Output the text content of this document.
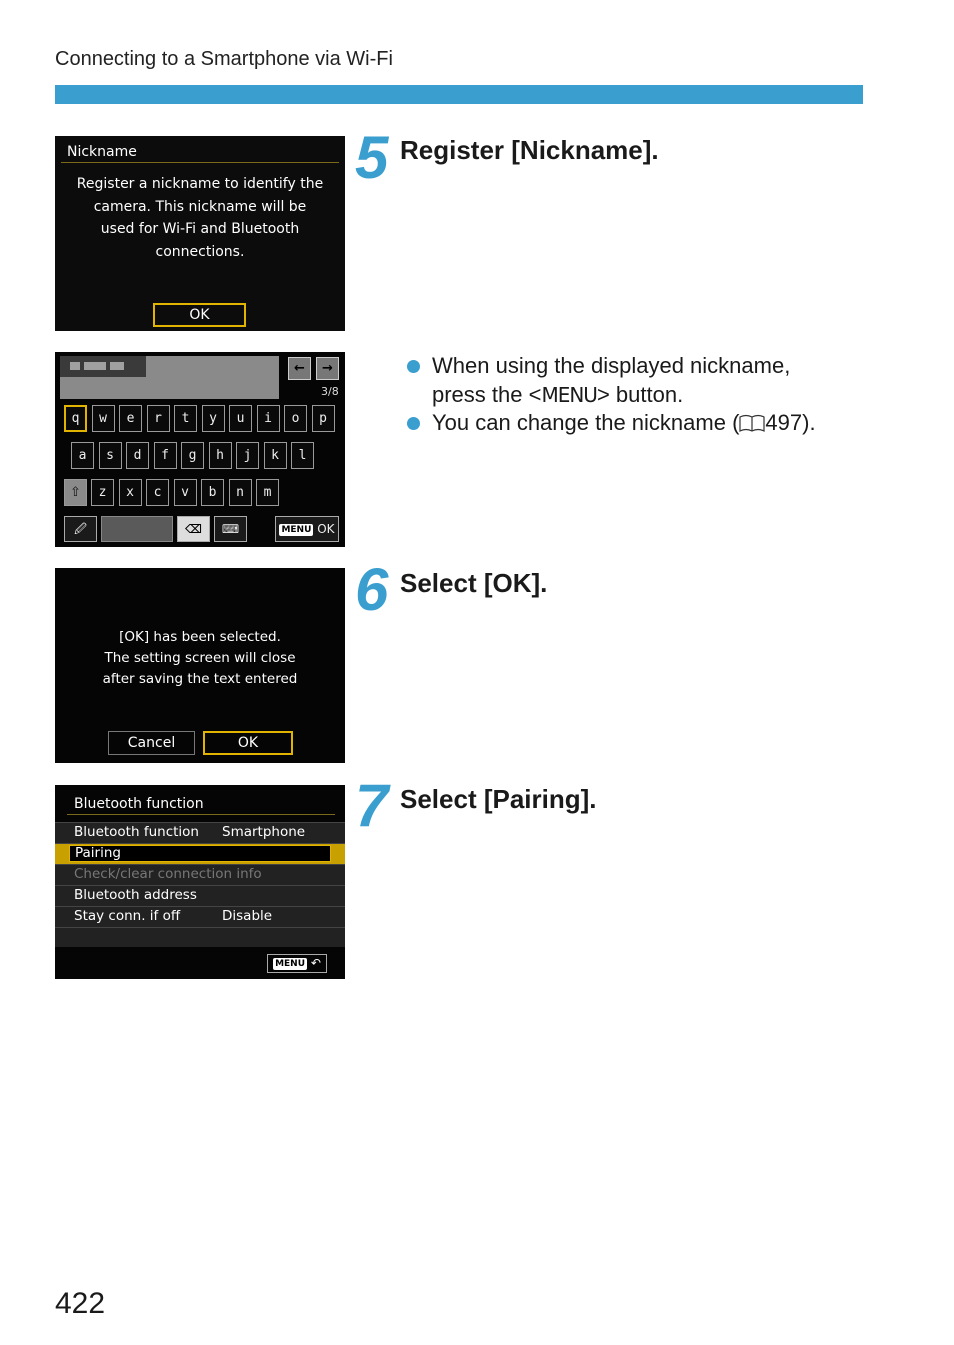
Connecting to a Smartphone via Wi-Fi
Nickname
Register a nickname to identify the camera. This nickname will be used for Wi-Fi and Bluetooth connections.
OK
←	→
3/8
q	w	e	r	t	y	u	i	o	p
a	s	d	f	g	h	j	k	l
z	x	c	v	b	n	m
⇧
🖉	⌫	⌨	MENU OK
[OK] has been selected.
The setting screen will close
after saving the text entered
Cancel	OK
Bluetooth function
Bluetooth function Smartphone
Pairing
Check/clear connection info
Bluetooth address
Stay conn. if off	Disable
MENU ↶
5 Register [Nickname].
6 Select [OK].
7 Select [Pairing].
When using the displayed nickname,
press the <MENU> button.
You can change the nickname ( 497).
422
